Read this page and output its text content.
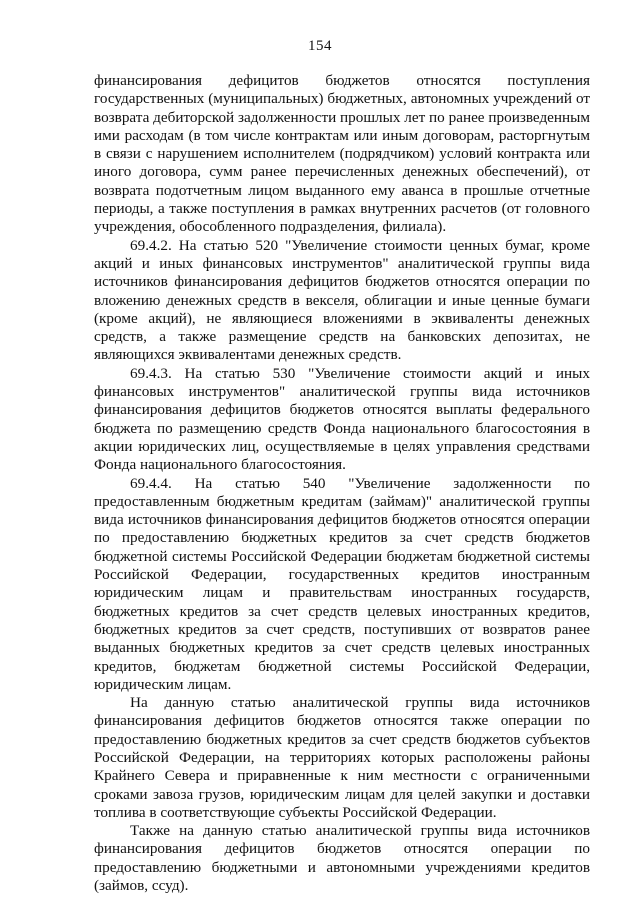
154

финансирования дефицитов бюджетов относятся поступления государственных (муниципальных) бюджетных, автономных учреждений от возврата дебиторской задолженности прошлых лет по ранее произведенным ими расходам (в том числе контрактам или иным договорам, расторгнутым в связи с нарушением исполнителем (подрядчиком) условий контракта или иного договора, сумм ранее перечисленных денежных обеспечений), от возврата подотчетным лицом выданного ему аванса в прошлые отчетные периоды, а также поступления в рамках внутренних расчетов (от головного учреждения, обособленного подразделения, филиала).

69.4.2. На статью 520 "Увеличение стоимости ценных бумаг, кроме акций и иных финансовых инструментов" аналитической группы вида источников финансирования дефицитов бюджетов относятся операции по вложению денежных средств в векселя, облигации и иные ценные бумаги (кроме акций), не являющиеся вложениями в эквиваленты денежных средств, а также размещение средств на банковских депозитах, не являющихся эквивалентами денежных средств.

69.4.3. На статью 530 "Увеличение стоимости акций и иных финансовых инструментов" аналитической группы вида источников финансирования дефицитов бюджетов относятся выплаты федерального бюджета по размещению средств Фонда национального благосостояния в акции юридических лиц, осуществляемые в целях управления средствами Фонда национального благосостояния.

69.4.4. На статью 540 "Увеличение задолженности по предоставленным бюджетным кредитам (займам)" аналитической группы вида источников финансирования дефицитов бюджетов относятся операции по предоставлению бюджетных кредитов за счет средств бюджетов бюджетной системы Российской Федерации бюджетам бюджетной системы Российской Федерации, государственных кредитов иностранным юридическим лицам и правительствам иностранных государств, бюджетных кредитов за счет средств целевых иностранных кредитов, бюджетных кредитов за счет средств, поступивших от возвратов ранее выданных бюджетных кредитов за счет средств целевых иностранных кредитов, бюджетам бюджетной системы Российской Федерации, юридическим лицам.

На данную статью аналитической группы вида источников финансирования дефицитов бюджетов относятся также операции по предоставлению бюджетных кредитов за счет средств бюджетов субъектов Российской Федерации, на территориях которых расположены районы Крайнего Севера и приравненные к ним местности с ограниченными сроками завоза грузов, юридическим лицам для целей закупки и доставки топлива в соответствующие субъекты Российской Федерации.

Также на данную статью аналитической группы вида источников финансирования дефицитов бюджетов относятся операции по предоставлению бюджетными и автономными учреждениями кредитов (займов, ссуд).
